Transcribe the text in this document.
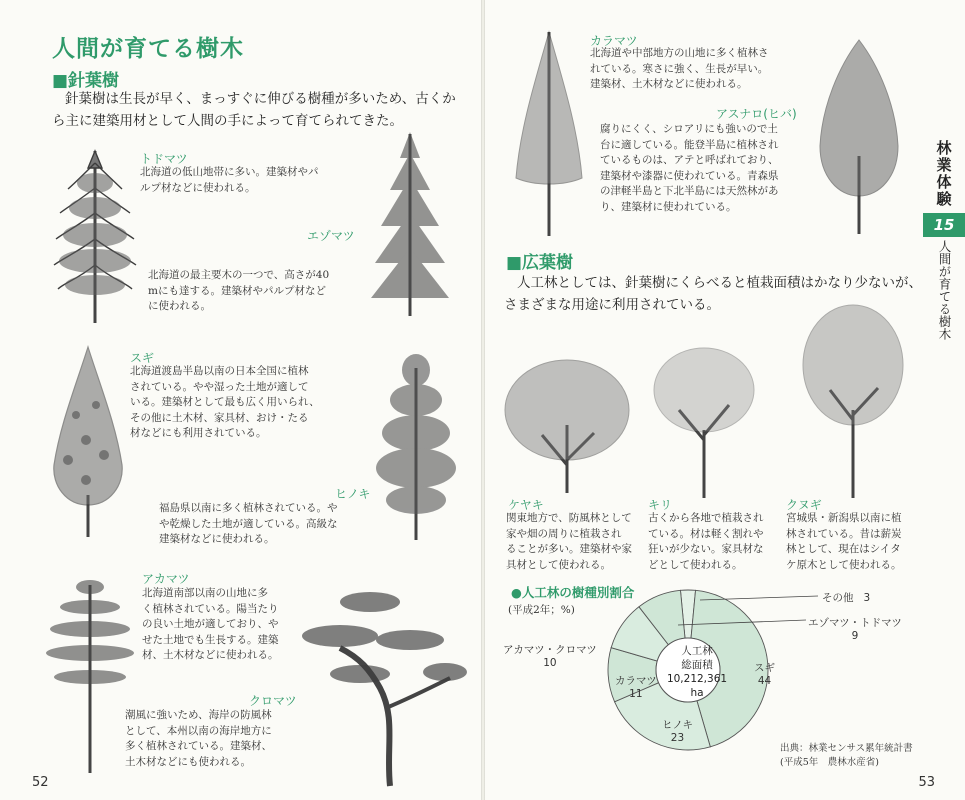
人間が育てる樹木
■針葉樹
針葉樹は生長が早く、まっすぐに伸びる樹種が多いため、古くか
ら主に建築用材として人間の手によって育てられてきた。
トドマツ
北海道の低山地帯に多い。建築材やパ
ルプ材などに使われる。
エゾマツ
北海道の最主要木の一つで、高さが40
mにも達する。建築材やパルプ材など
に使われる。
スギ
北海道渡島半島以南の日本全国に植林
されている。やや湿った土地が適して
いる。建築材として最も広く用いられ、
その他に土木材、家具材、おけ・たる
材などにも利用されている。
ヒノキ
福島県以南に多く植林されている。や
や乾燥した土地が適している。高級な
建築材などに使われる。
アカマツ
北海道南部以南の山地に多
く植林されている。陽当たり
の良い土地が適しており、や
せた土地でも生長する。建築
材、土木材などに使われる。
クロマツ
潮風に強いため、海岸の防風林
として、本州以南の海岸地方に
多く植林されている。建築材、
土木材などにも使われる。
52
カラマツ
北海道や中部地方の山地に多く植林さ
れている。寒さに強く、生長が早い。
建築材、土木材などに使われる。
アスナロ(ヒバ)
腐りにくく、シロアリにも強いので土
台に適している。能登半島に植林され
ているものは、アテと呼ばれており、
建築材や漆器に使われている。青森県
の津軽半島と下北半島には天然林があ
り、建築材に使われている。
■広葉樹
人工林としては、針葉樹にくらべると植栽面積はかなり少ないが、
さまざまな用途に利用されている。
ケヤキ
関東地方で、防風林として
家や畑の周りに植栽され
ることが多い。建築材や家
具材として使われる。
キリ
古くから各地で植栽され
ている。材は軽く割れや
狂いが少ない。家具材な
どとして使われる。
クヌギ
宮城県・新潟県以南に植
林されている。昔は薪炭
林として、現在はシイタ
ケ原木として使われる。
林業体験
15
人間が育てる樹木
53
●人工林の樹種別割合
(平成2年；%)
人工林
総面積
10,212,361
ha
スギ
44
ヒノキ
23
カラマツ
11
アカマツ・クロマツ
10
エゾマツ・トドマツ
9
その他 3
出典：林業センサス累年統計書
(平成5年　農林水産省)
